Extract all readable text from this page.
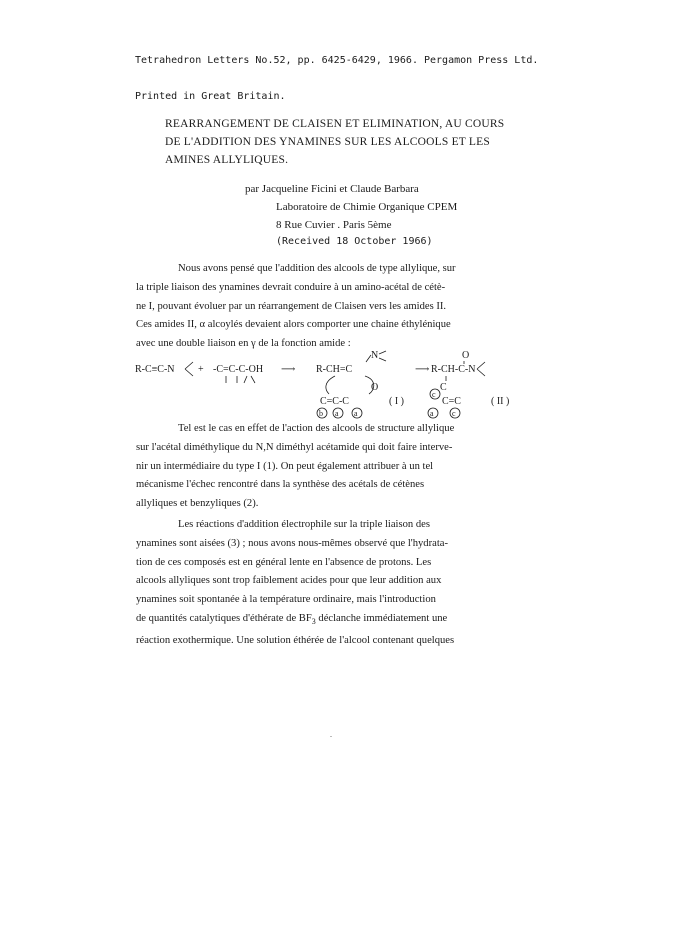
Tetrahedron Letters No.52, pp. 6425-6429, 1966. Pergamon Press Ltd.

Printed in Great Britain.

REARRANGEMENT DE CLAISEN ET ELIMINATION, AU COURS
DE L'ADDITION DES YNAMINES SUR LES ALCOOLS ET LES
AMINES ALLYLIQUES.
par Jacqueline Ficini et Claude Barbara
Laboratoire de Chimie Organique CPEM
8 Rue Cuvier . Paris 5ème
(Received 18 October 1966)
Nous avons pensé que l'addition des alcools de type allylique, sur
la triple liaison des ynamines devrait conduire à un amino-acétal de cétè-
ne I, pouvant évoluer par un réarrangement de Claisen vers les amides II.
Ces amides II, α alcoylés devaient alors comporter une chaine éthylénique
avec une double liaison en γ de la fonction amide :
R-C≡C-N + -C=C-C-OH ⟶
N
R-CH=C
O
C=C-C
b a a
( I )
⟶
O
R-CH-C-N
C
c
C=C
a c
( II )
Tel est le cas en effet de l'action des alcools de structure allylique
sur l'acétal diméthylique du N,N diméthyl acétamide qui doit faire interve-
nir un intermédiaire du type I (1). On peut également attribuer à un tel
mécanisme l'échec rencontré dans la synthèse des acétals de cétènes
allyliques et benzyliques (2).
Les réactions d'addition électrophile sur la triple liaison des
ynamines sont aisées (3) ; nous avons nous-mêmes observé que l'hydrata-
tion de ces composés est en général lente en l'absence de protons. Les
alcools allyliques sont trop faiblement acides pour que leur addition aux
ynamines soit spontanée à la température ordinaire, mais l'introduction
de quantités catalytiques d'éthérate de $BF_3$ déclanche immédiatement une
réaction exothermique. Une solution éthérée de l'alcool contenant quelques
